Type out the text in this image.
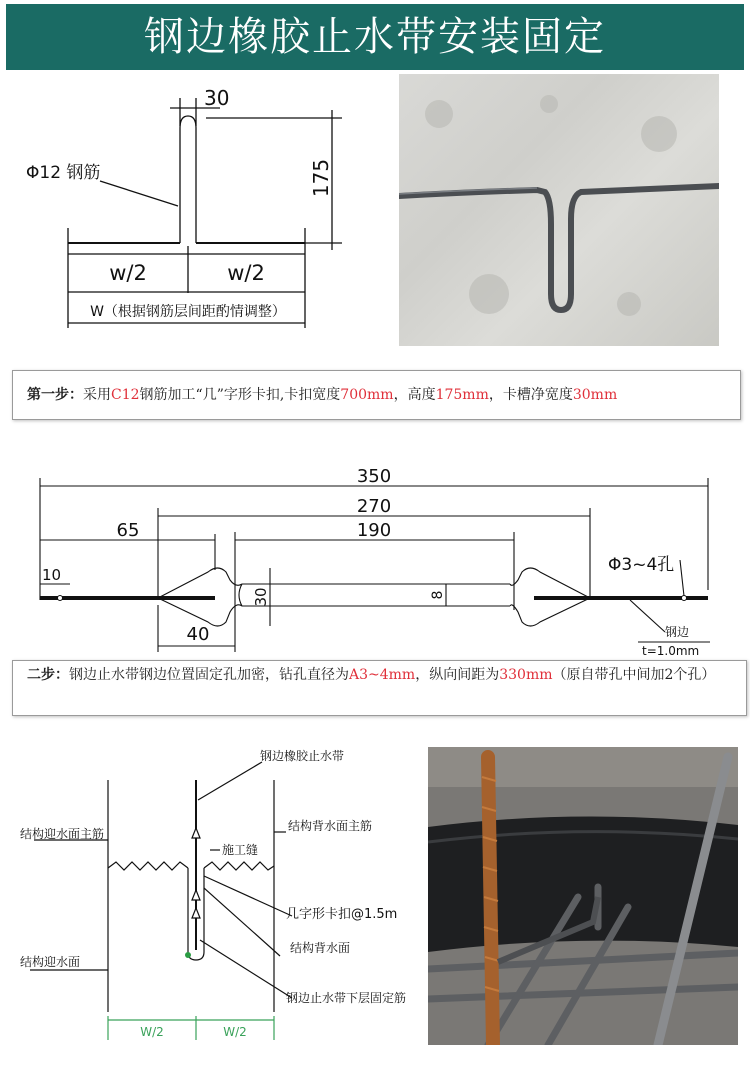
钢边橡胶止水带安装固定
30
175
Φ12 钢筋
w/2	w/2
W（根据钢筋层间距酌情调整）
第一步：采用C12钢筋加工“几”字形卡扣,卡扣宽度700mm，高度175mm，卡槽净宽度30mm
350
270
190
65
10
30	8
40
Φ3~4孔
钢边
t=1.0mm
二步：钢边止水带钢边位置固定孔加密，钻孔直径为A3~4mm，纵向间距为330mm（原自带孔中间加2个孔）
钢边橡胶止水带
结构迎水面主筋
结构背水面主筋
施工缝
几字形卡扣@1.5m
结构背水面
结构迎水面
钢边止水带下层固定筋
W/2	W/2
